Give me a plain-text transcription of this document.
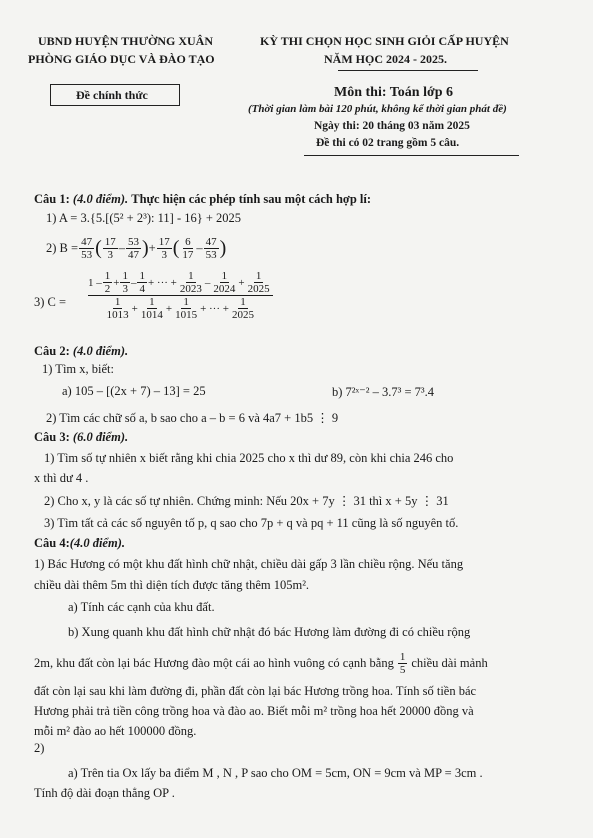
UBND HUYỆN THƯỜNG XUÂN
PHÒNG GIÁO DỤC VÀ ĐÀO TẠO
KỲ THI CHỌN HỌC SINH GIỎI CẤP HUYỆN
NĂM HỌC 2024 - 2025.
Đề chính thức	Môn thi: Toán lớp 6
(Thời gian làm bài 120 phút, không kể thời gian phát đề)
Ngày thi: 20 tháng 03 năm 2025
Đề thi có 02 trang gồm 5 câu.
Câu 1: (4.0 điểm). Thực hiện các phép tính sau một cách hợp lí:
1) A = 3.{5.[(5² + 2³): 11] - 16} + 2025
2) $B = \frac{47}{53}$ ( $\frac{17}{3} - \frac{53}{47}$ ) + $\frac{17}{3}$ ( $\frac{6}{17} - \frac{47}{53}$ )
3) C =
$1 - \frac{1}{2} + \frac{1}{3} - \frac{1}{4}$ + ··· + $\frac{1}{2023} - \frac{1}{2024} + \frac{1}{2025}$
$\frac{1}{1013} + \frac{1}{1014} + \frac{1}{1015}$ + ··· + $\frac{1}{2025}$
Câu 2: (4.0 điểm).
1) Tìm x, biết:
a) 105 – [(2x + 7) – 13] = 25	b) 7²ˣ⁻² – 3.7³ = 7³.4
2) Tìm các chữ số a, b sao cho a – b = 6 và 4a7 + 1b5 ⋮ 9
Câu 3: (6.0 điểm).
1) Tìm số tự nhiên x biết rằng khi chia 2025 cho x thì dư 89, còn khi chia 246 cho
x thì dư 4 .
2) Cho x, y là các số tự nhiên. Chứng minh: Nếu 20x + 7y ⋮ 31 thì x + 5y ⋮ 31
3) Tìm tất cả các số nguyên tố p, q sao cho 7p + q và pq + 11 cũng là số nguyên tố.
Câu 4:(4.0 điểm).
1) Bác Hương có một khu đất hình chữ nhật, chiều dài gấp 3 lần chiều rộng. Nếu tăng
chiều dài thêm 5m thì diện tích được tăng thêm 105m².
a) Tính các cạnh của khu đất.
b) Xung quanh khu đất hình chữ nhật đó bác Hương làm đường đi có chiều rộng
2m, khu đất còn lại bác Hương đào một cái ao hình vuông có cạnh bằng $\frac{1}{5}$ chiều dài mảnh
đất còn lại sau khi làm đường đi, phần đất còn lại bác Hương trồng hoa. Tính số tiền bác
Hương phải trả tiền công trồng hoa và đào ao. Biết mỗi m² trồng hoa hết 20000 đồng và
mỗi m² đào ao hết 100000 đồng.
2)
a) Trên tia Ox lấy ba điểm M , N , P sao cho OM = 5cm, ON = 9cm và MP = 3cm .
Tính độ dài đoạn thẳng OP .
